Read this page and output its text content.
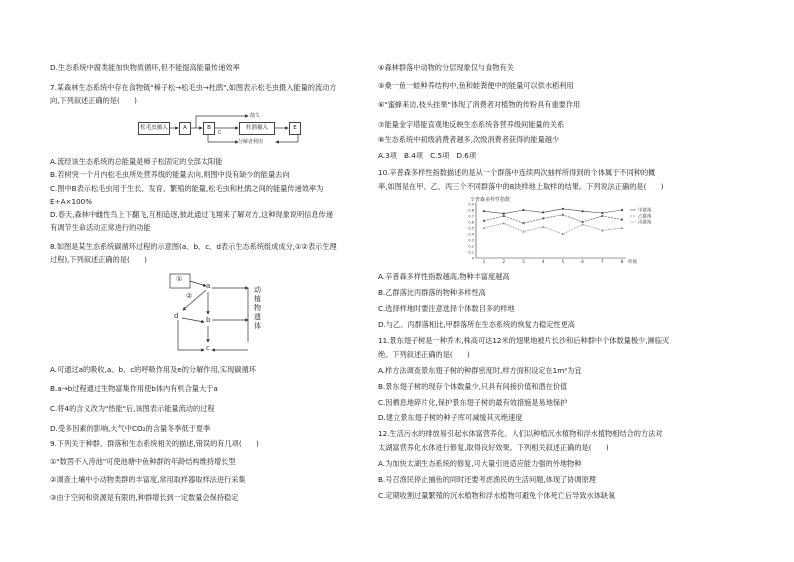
D.生态系统中腐类能加快物质循环,但不能提高能量传递效率
7.某森林生态系统中存在食物链"樟子松→松毛虫→杜鹃",如图表示松毛虫摄入能量的流动方
向,下列叙述正确的是(　　)
松毛虫摄入	A	B	杜鹃摄入	E
散失
C
分解者利用
A.流经该生态系统的总能量是樟子松固定的全部太阳能
B.若树突一个月内松毛虫所处营养级的能量去向,则图中没有缺少的能量去向
C.图中B表示松毛虫用于生长、发育、繁殖的能量,松毛虫和杜鹃之间的能量传递效率为
E÷A×100%
D.春天,森林中雌性鸟上下翻飞,互相追逐,彼此通过飞翔来了解对方,这种现象说明信息传递
有调节生命活动正常进行的功能
8.如图是某生态系统碳循环过程的示意图(a、b、c、d表示生态系统组成成分,①②表示生理
过程),下列叙述正确的是(　　)
①
②
a
d	b
c
动植物遗体
A.可通过a的吸收,a、b、c的呼吸作用及e的分解作用,实现碳循环
B.a→b过程通过生物富集作用使b体内有机合量大于a
C.将4的含义改为"热能"后,该图表示能量流动的过程
D.受多因素的影响,大气中CO₂的含量冬季低于夏季
9.下列关于种群、群落和生态系统相关的描述,错误的有几项(　　)
①"数罟不入洿池"可使池塘中鱼种群的年龄结构维持增长型
②调查土壤中小动物类群的丰富度,常用取样器取样法进行采集
③由于空间和资源是有限的,种群增长到一定数量会保持稳定
④森林群落中动物的分层现象仅与食物有关
⑤桑一鱼一蛙种养结构中,鱼和蛙粪便中的能量可以供水稻利用
⑥"蜜蜂来访,枝头挂果"体现了消费者对植物的传粉具有重要作用
⑦能量金字塔能直观地反映生态系统各营养级间能量的关系
⑧生态系统中初级消费者越多,次级消费者获得的能量越少
A.3项　B.4项　C.5项　D.6项
10.辛普森多样性指数描述的是从一个群落中连续两次抽样所得到的个体属于不同种的概
率,如图是在甲、乙、丙三个不同群落中的8块样地上取样的结果。下列说法正确的是(　　)
辛普森多样性指数
0
0.1
0.2
0.3
0.4
0.5
0.6
0.7
0.8
0.9
1	2	3	4	5	6	7	8 样地
甲群落
乙群落
丙群落
A.辛普森多样性指数越高,物种丰富度越高
B.乙群落比丙群落的物种多样性高
C.选择样地时要注意选择个体数目多的样地
D.与乙、丙群落相比,甲群落所在生态系统的恢复力稳定性更高
11.景东翅子树是一种乔木,株高可达12米的翅果地被片长沙和后种群中个体数量极少,濒临灭
绝。下列叙述正确的是(　　)
A.样方法调查景东翅子树的种群密度时,样方面积设定在1m²为宜
B.景东翅子树的现存个体数量少,只具有间接价值和潜在价值
C.因栖息地碎片化,保护景东翅子树的最有效措施是易地保护
D.建立景东翅子树的种子库可减缓其灭绝速度
12.生活污水的排放易引起水体富营养化。人们以种植沉水植物和浮水植物相结合的方法对
太湖富营养化水体进行修复,取得良好效果。下列相关叙述正确的是(　　)
A.为加快太湖生态系统的修复,可大量引进适应能力强的外地物种
B.号召渔民停止捕鱼的同时还要考虑渔民的生活问题,体现了协调原理
C.定期收割过量繁殖的沉水植物和浮水植物可避免个体死亡后导致水体缺氧
